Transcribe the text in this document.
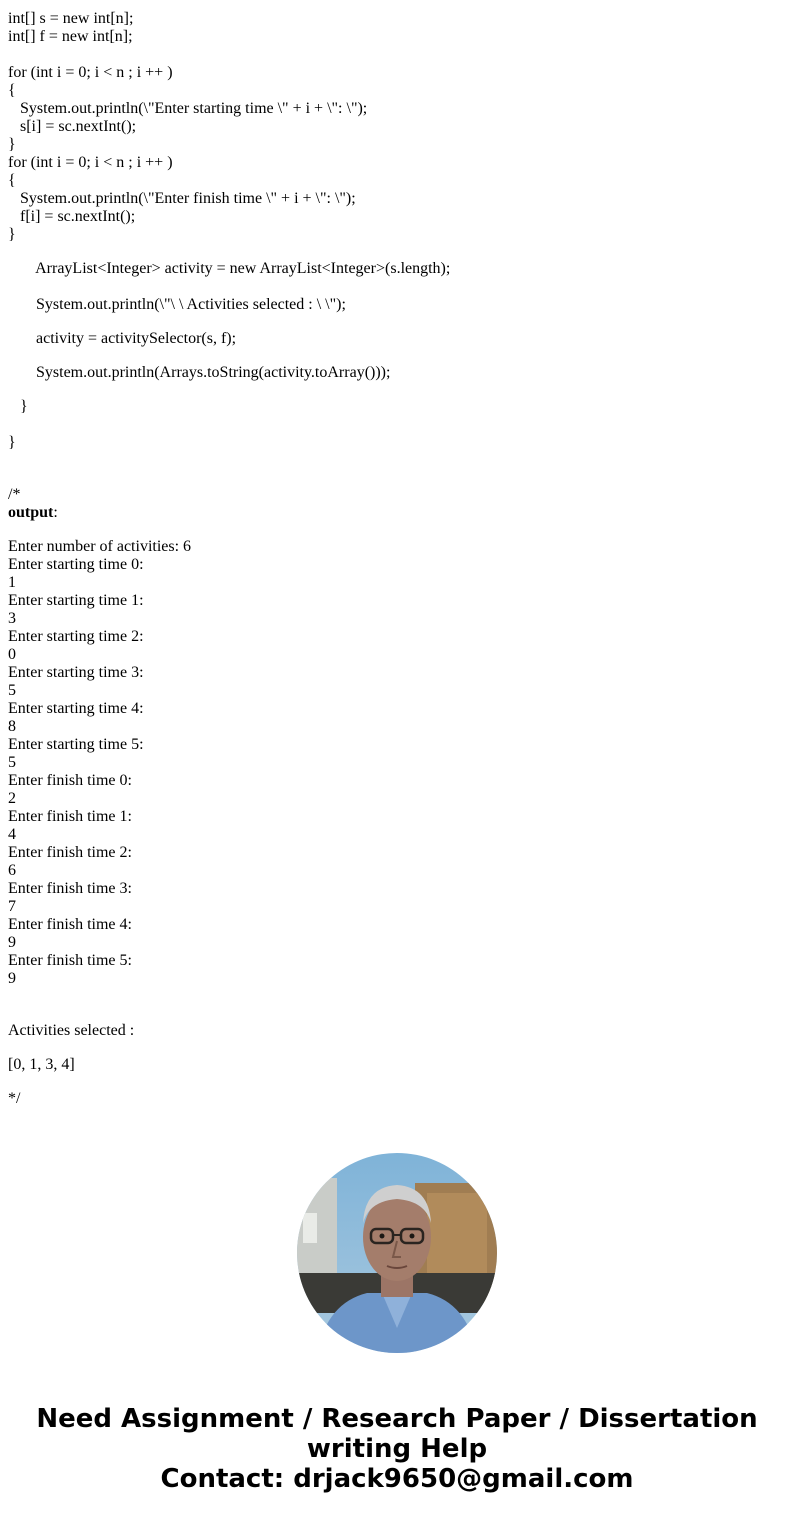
int[] s = new int[n];
int[] f = new int[n];
for (int i = 0; i < n ; i ++ )
{
System.out.println(\"Enter starting time \" + i + \": \");
s[i] = sc.nextInt();
}
for (int i = 0; i < n ; i ++ )
{
System.out.println(\"Enter finish time \" + i + \": \");
f[i] = sc.nextInt();
}
ArrayList<Integer> activity = new ArrayList<Integer>(s.length);
System.out.println(\"\ \ Activities selected : \ \");
activity = activitySelector(s, f);
System.out.println(Arrays.toString(activity.toArray()));
}
}
/*
output:
Enter number of activities: 6
Enter starting time 0:
1
Enter starting time 1:
3
Enter starting time 2:
0
Enter starting time 3:
5
Enter starting time 4:
8
Enter starting time 5:
5
Enter finish time 0:
2
Enter finish time 1:
4
Enter finish time 2:
6
Enter finish time 3:
7
Enter finish time 4:
9
Enter finish time 5:
9
Activities selected :
[0, 1, 3, 4]
*/
Need Assignment / Research Paper / Dissertation
writing Help
Contact: drjack9650@gmail.com
